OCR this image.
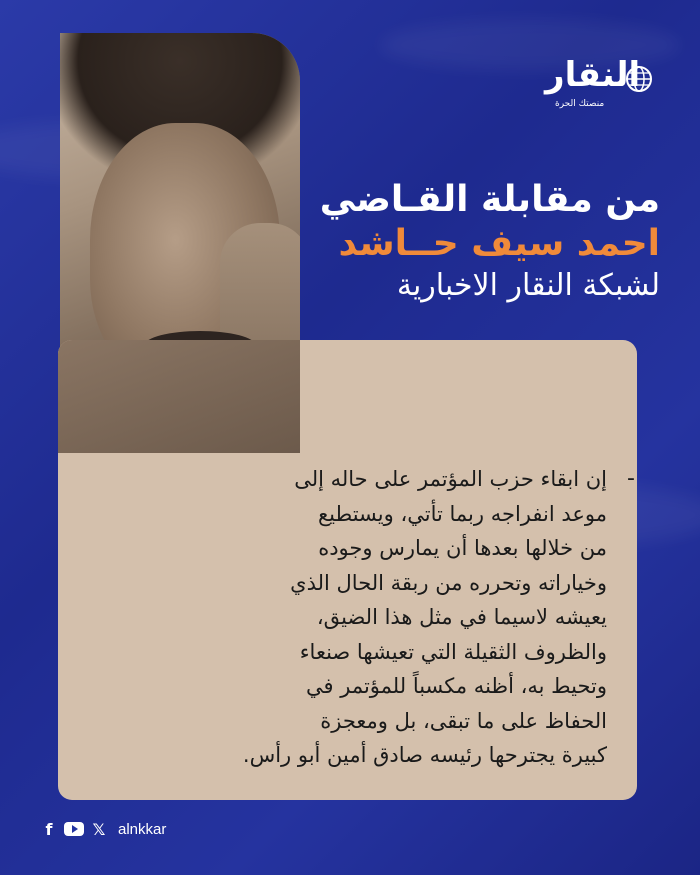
النقار
منصتك الحرة
من مقابلة القـاضي
احمد سيف حــاشد
لشبكة النقار الاخبارية
-
إن ابقاء حزب المؤتمر على حاله إلى
موعد انفراجه ربما تأتي، ويستطيع
من خلالها بعدها أن يمارس وجوده
وخياراته وتحرره من ربقة الحال الذي
يعيشه لاسيما في مثل هذا الضيق،
والظروف الثقيلة التي تعيشها صنعاء
وتحيط به، أظنه مكسباً للمؤتمر في
الحفاظ على ما تبقى، بل ومعجزة
كبيرة يجترحها رئيسه صادق أمين أبو رأس.
f	𝕏 alnkkar
